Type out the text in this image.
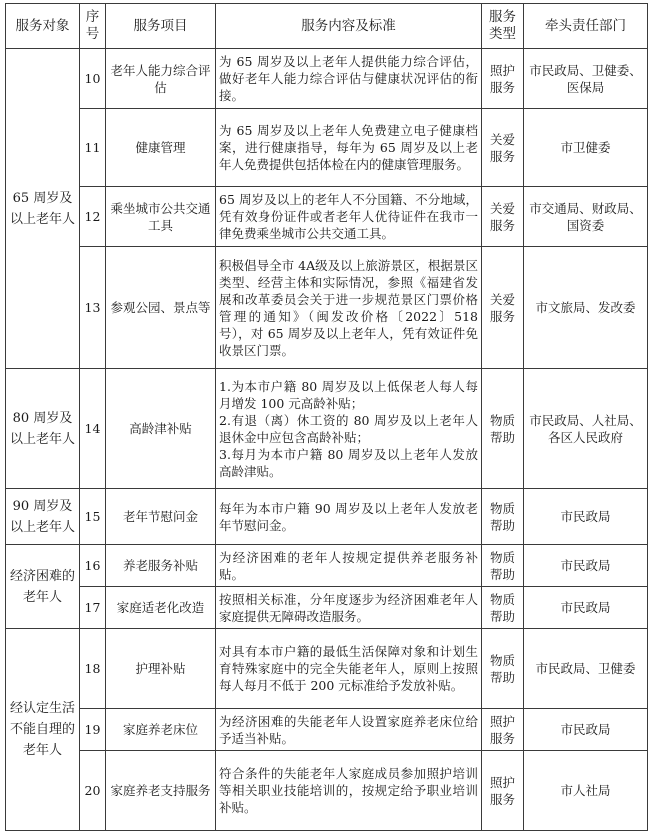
服务对象	序号	服务项目	服务内容及标准	服务类型	牵头责任部门
65 周岁及以上老年人	10	老年人能力综合评估	为 65 周岁及以上老年人提供能力综合评估，做好老年人能力综合评估与健康状况评估的衔接。	照护服务	市民政局、卫健委、医保局
	11	健康管理	为 65 周岁及以上老年人免费建立电子健康档案，进行健康指导，每年为 65 周岁及以上老年人免费提供包括体检在内的健康管理服务。	关爱服务	市卫健委
	12	乘坐城市公共交通工具	65 周岁及以上的老年人不分国籍、不分地域，凭有效身份证件或者老年人优待证件在我市一律免费乘坐城市公共交通工具。	关爱服务	市交通局、财政局、国资委
	13	参观公园、景点等	积极倡导全市 4A级及以上旅游景区，根据景区类型、经营主体和实际情况，参照《福建省发展和改革委员会关于进一步规范景区门票价格管理的通知》（闽发改价格〔2022〕518 号），对 65 周岁及以上老年人，凭有效证件免收景区门票。	关爱服务	市文旅局、发改委
80 周岁及以上老年人	14	高龄津补贴	1.为本市户籍 80 周岁及以上低保老人每人每月增发 100 元高龄补贴；
2.有退（离）休工资的 80 周岁及以上老年人退休金中应包含高龄补贴；
3.每月为本市户籍 80 周岁及以上老年人发放高龄津贴。	物质帮助	市民政局、人社局、各区人民政府
90 周岁及以上老年人	15	老年节慰问金	每年为本市户籍 90 周岁及以上老年人发放老年节慰问金。	物质帮助	市民政局
经济困难的老年人	16	养老服务补贴	为经济困难的老年人按规定提供养老服务补贴。	物质帮助	市民政局
	17	家庭适老化改造	按照相关标准，分年度逐步为经济困难老年人家庭提供无障碍改造服务。	物质帮助	市民政局
经认定生活不能自理的老年人	18	护理补贴	对具有本市户籍的最低生活保障对象和计划生育特殊家庭中的完全失能老年人，原则上按照每人每月不低于 200 元标准给予发放补贴。	物质帮助	市民政局、卫健委
	19	家庭养老床位	为经济困难的失能老年人设置家庭养老床位给予适当补贴。	照护服务	市民政局
	20	家庭养老支持服务	符合条件的失能老年人家庭成员参加照护培训等相关职业技能培训的，按规定给予职业培训补贴。	照护服务	市人社局
